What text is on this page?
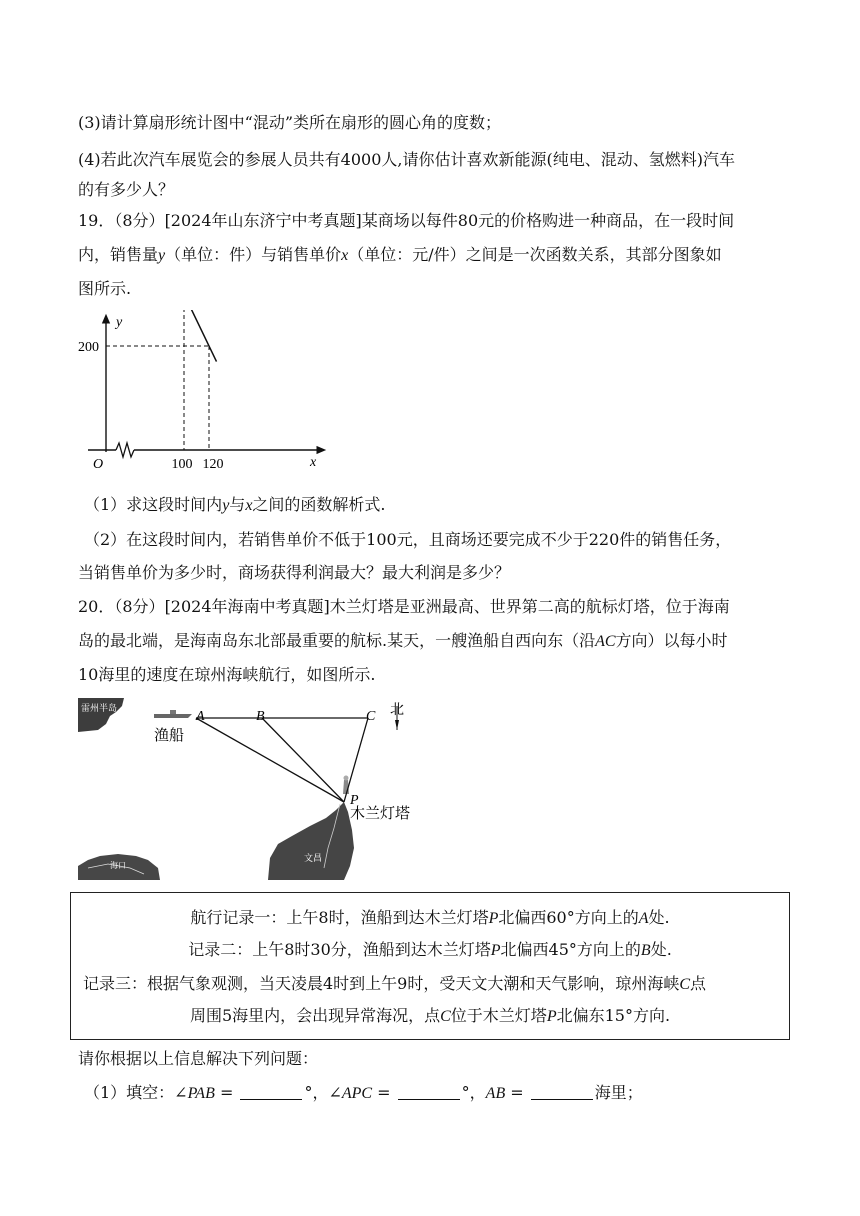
(3)请计算扇形统计图中“混动”类所在扇形的圆心角的度数；
(4)若此次汽车展览会的参展人员共有4000人,请你估计喜欢新能源(纯电、混动、氢燃料)汽车
的有多少人？
19．（8分）[2024年山东济宁中考真题]某商场以每件80元的价格购进一种商品，在一段时间
内，销售量y（单位：件）与销售单价x（单位：元/件）之间是一次函数关系，其部分图象如
图所示.
y
x
O
200
100 120
（1）求这段时间内y与x之间的函数解析式.
（2）在这段时间内，若销售单价不低于100元，且商场还要完成不少于220件的销售任务，
当销售单价为多少时，商场获得利润最大？最大利润是多少？
20．（8分）[2024年海南中考真题]木兰灯塔是亚洲最高、世界第二高的航标灯塔，位于海南
岛的最北端，是海南岛东北部最重要的航标.某天，一艘渔船自西向东（沿AC方向）以每小时
10海里的速度在琼州海峡航行，如图所示.
雷州半岛
海口
文昌
北
A	B	C
P
渔船
木兰灯塔
航行记录一：上午8时，渔船到达木兰灯塔P北偏西60°方向上的A处.
记录二：上午8时30分，渔船到达木兰灯塔P北偏西45°方向上的B处.
记录三：根据气象观测，当天凌晨4时到上午9时，受天文大潮和天气影响，琼州海峡C点
周围5海里内，会出现异常海况，点C位于木兰灯塔P北偏东15°方向.
请你根据以上信息解决下列问题：
（1）填空：∠PAB =	°，∠APC =	°，AB =	海里；
